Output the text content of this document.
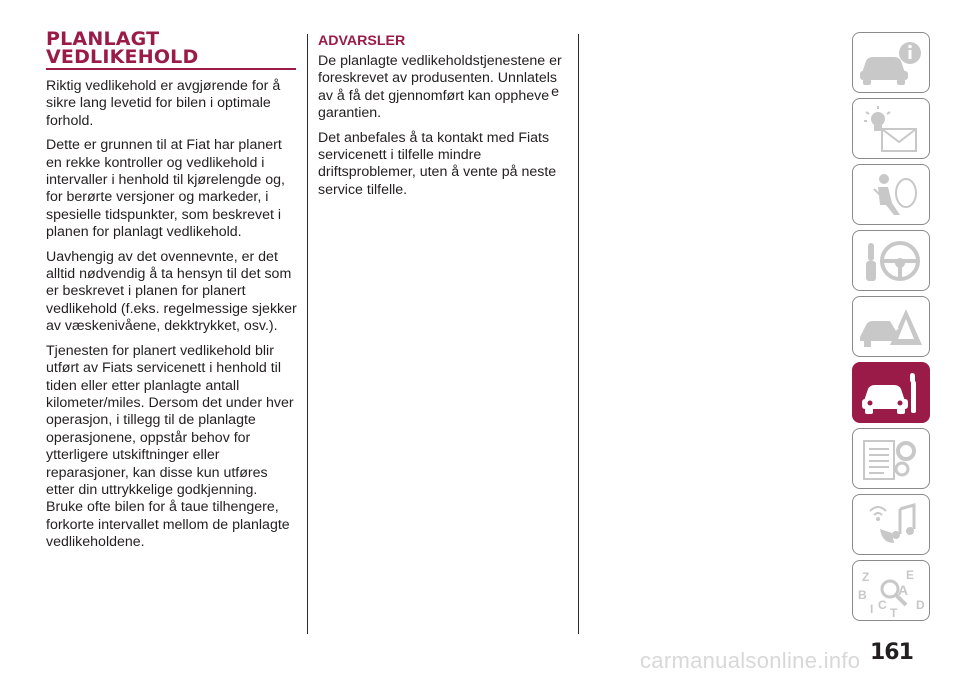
PLANLAGT
VEDLIKEHOLD

Riktig vedlikehold er avgjørende for å sikre lang levetid for bilen i optimale forhold.

Dette er grunnen til at Fiat har planert en rekke kontroller og vedlikehold i intervaller i henhold til kjørelengde og, for berørte versjoner og markeder, i spesielle tidspunkter, som beskrevet i planen for planlagt vedlikehold.

Uavhengig av det ovennevnte, er det alltid nødvendig å ta hensyn til det som er beskrevet i planen for planert vedlikehold (f.eks. regelmessige sjekker av væskenivåene, dekktrykket, osv.).

Tjenesten for planert vedlikehold blir utført av Fiats servicenett i henhold til tiden eller etter planlagte antall kilometer/miles. Dersom det under hver operasjon, i tillegg til de planlagte operasjonene, oppstår behov for ytterligere utskiftninger eller reparasjoner, kan disse kun utføres etter din uttrykkelige godkjenning. Bruke ofte bilen for å taue tilhengere, forkorte intervallet mellom de planlagte vedlikeholdene.

ADVARSLER

De planlagte vedlikeholdstjenestene er foreskrevet av produsenten. Unnlatels
av å få det gjennomført kan oppheve e
garantien.

Det anbefales å ta kontakt med Fiats servicenett i tilfelle mindre driftsproblemer, uten å vente på neste service tilfelle.

Z	E
A
B
C D
I T
161
carmanualsonline.info
